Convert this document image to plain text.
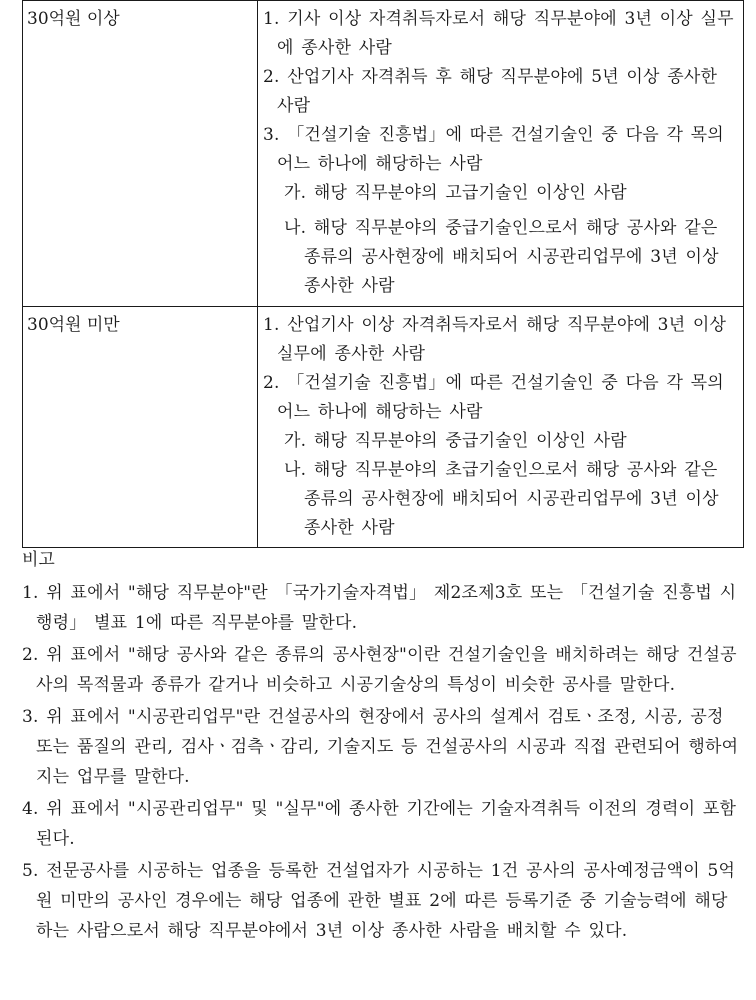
30억원 이상	1. 기사 이상 자격취득자로서 해당 직무분야에 3년 이상 실무에 종사한 사람
2. 산업기사 자격취득 후 해당 직무분야에 5년 이상 종사한 사람
3. 「건설기술 진흥법」에 따른 건설기술인 중 다음 각 목의 어느 하나에 해당하는 사람
가. 해당 직무분야의 고급기술인 이상인 사람
나. 해당 직무분야의 중급기술인으로서 해당 공사와 같은 종류의 공사현장에 배치되어 시공관리업무에 3년 이상 종사한 사람

30억원 미만	1. 산업기사 이상 자격취득자로서 해당 직무분야에 3년 이상 실무에 종사한 사람
2. 「건설기술 진흥법」에 따른 건설기술인 중 다음 각 목의 어느 하나에 해당하는 사람
가. 해당 직무분야의 중급기술인 이상인 사람
나. 해당 직무분야의 초급기술인으로서 해당 공사와 같은 종류의 공사현장에 배치되어 시공관리업무에 3년 이상 종사한 사람
비고
1. 위 표에서 "해당 직무분야"란 「국가기술자격법」 제2조제3호 또는 「건설기술 진흥법 시행령」 별표 1에 따른 직무분야를 말한다.
2. 위 표에서 "해당 공사와 같은 종류의 공사현장"이란 건설기술인을 배치하려는 해당 건설공사의 목적물과 종류가 같거나 비슷하고 시공기술상의 특성이 비슷한 공사를 말한다.
3. 위 표에서 "시공관리업무"란 건설공사의 현장에서 공사의 설계서 검토ㆍ조정, 시공, 공정 또는 품질의 관리, 검사ㆍ검측ㆍ감리, 기술지도 등 건설공사의 시공과 직접 관련되어 행하여지는 업무를 말한다.
4. 위 표에서 "시공관리업무" 및 "실무"에 종사한 기간에는 기술자격취득 이전의 경력이 포함된다.
5. 전문공사를 시공하는 업종을 등록한 건설업자가 시공하는 1건 공사의 공사예정금액이 5억원 미만의 공사인 경우에는 해당 업종에 관한 별표 2에 따른 등록기준 중 기술능력에 해당하는 사람으로서 해당 직무분야에서 3년 이상 종사한 사람을 배치할 수 있다.
